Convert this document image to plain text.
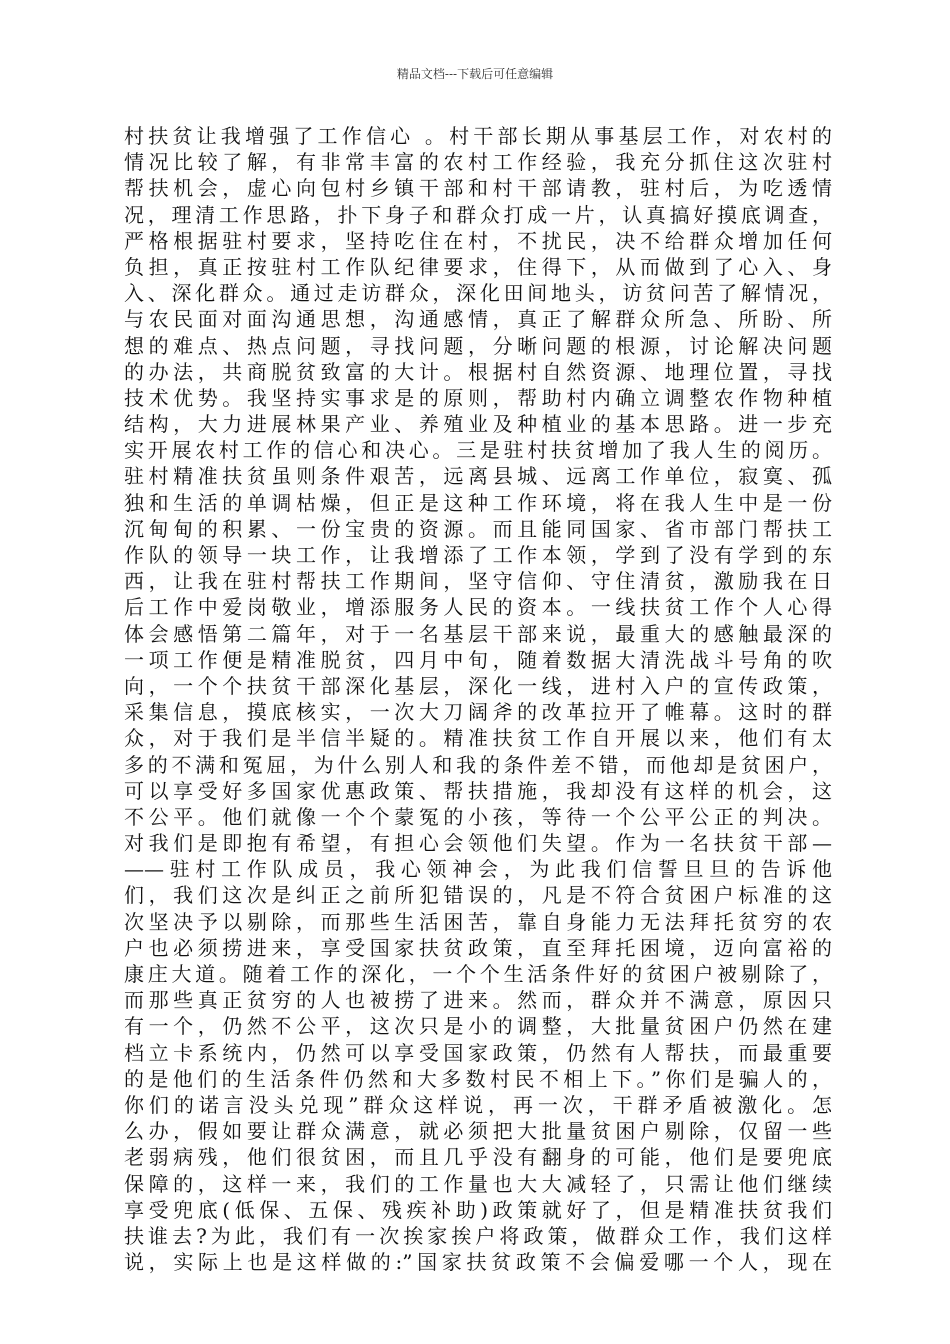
精品文档---下载后可任意编辑
村扶贫让我增强了工作信心 。村干部长期从事基层工作，对农村的
情况比较了解，有非常丰富的农村工作经验，我充分抓住这次驻村
帮扶机会，虚心向包村乡镇干部和村干部请教，驻村后，为吃透情
况，理清工作思路，扑下身子和群众打成一片，认真搞好摸底调查，
严格根据驻村要求，坚持吃住在村，不扰民，决不给群众增加任何
负担，真正按驻村工作队纪律要求，住得下，从而做到了心入、身
入、深化群众。通过走访群众，深化田间地头，访贫问苦了解情况，
与农民面对面沟通思想，沟通感情，真正了解群众所急、所盼、所
想的难点、热点问题，寻找问题，分晰问题的根源，讨论解决问题
的办法，共商脱贫致富的大计。根据村自然资源、地理位置，寻找
技术优势。我坚持实事求是的原则，帮助村内确立调整农作物种植
结构，大力进展林果产业、养殖业及种植业的基本思路。进一步充
实开展农村工作的信心和决心。三是驻村扶贫增加了我人生的阅历。
驻村精准扶贫虽则条件艰苦，远离县城、远离工作单位，寂寞、孤
独和生活的单调枯燥，但正是这种工作环境，将在我人生中是一份
沉甸甸的积累、一份宝贵的资源。而且能同国家、省市部门帮扶工
作队的领导一块工作，让我增添了工作本领，学到了没有学到的东
西，让我在驻村帮扶工作期间，坚守信仰、守住清贫，激励我在日
后工作中爱岗敬业，增添服务人民的资本。一线扶贫工作个人心得
体会感悟第二篇年，对于一名基层干部来说，最重大的感触最深的
一项工作便是精准脱贫，四月中旬，随着数据大清洗战斗号角的吹
向，一个个扶贫干部深化基层，深化一线，进村入户的宣传政策，
采集信息，摸底核实，一次大刀阔斧的改革拉开了帷幕。这时的群
众，对于我们是半信半疑的。精准扶贫工作自开展以来，他们有太
多的不满和冤屈，为什么别人和我的条件差不错，而他却是贫困户，
可以享受好多国家优惠政策、帮扶措施，我却没有这样的机会，这
不公平。他们就像一个个蒙冤的小孩，等待一个公平公正的判决。
对我们是即抱有希望，有担心会领他们失望。作为一名扶贫干部—
——驻村工作队成员，我心领神会，为此我们信誓旦旦的告诉他
们，我们这次是纠正之前所犯错误的，凡是不符合贫困户标准的这
次坚决予以剔除，而那些生活困苦，靠自身能力无法拜托贫穷的农
户也必须捞进来，享受国家扶贫政策，直至拜托困境，迈向富裕的
康庄大道。随着工作的深化，一个个生活条件好的贫困户被剔除了，
而那些真正贫穷的人也被捞了进来。然而，群众并不满意，原因只
有一个，仍然不公平，这次只是小的调整，大批量贫困户仍然在建
档立卡系统内，仍然可以享受国家政策，仍然有人帮扶，而最重要
的是他们的生活条件仍然和大多数村民不相上下。”你们是骗人的，
你们的诺言没头兑现”群众这样说，再一次，干群矛盾被激化。怎
么办，假如要让群众满意，就必须把大批量贫困户剔除，仅留一些
老弱病残，他们很贫困，而且几乎没有翻身的可能，他们是要兜底
保障的，这样一来，我们的工作量也大大减轻了，只需让他们继续
享受兜底(低保、五保、残疾补助)政策就好了，但是精准扶贫我们
扶谁去?为此，我们有一次挨家挨户将政策，做群众工作，我们这样
说，实际上也是这样做的:”国家扶贫政策不会偏爱哪一个人，现在
